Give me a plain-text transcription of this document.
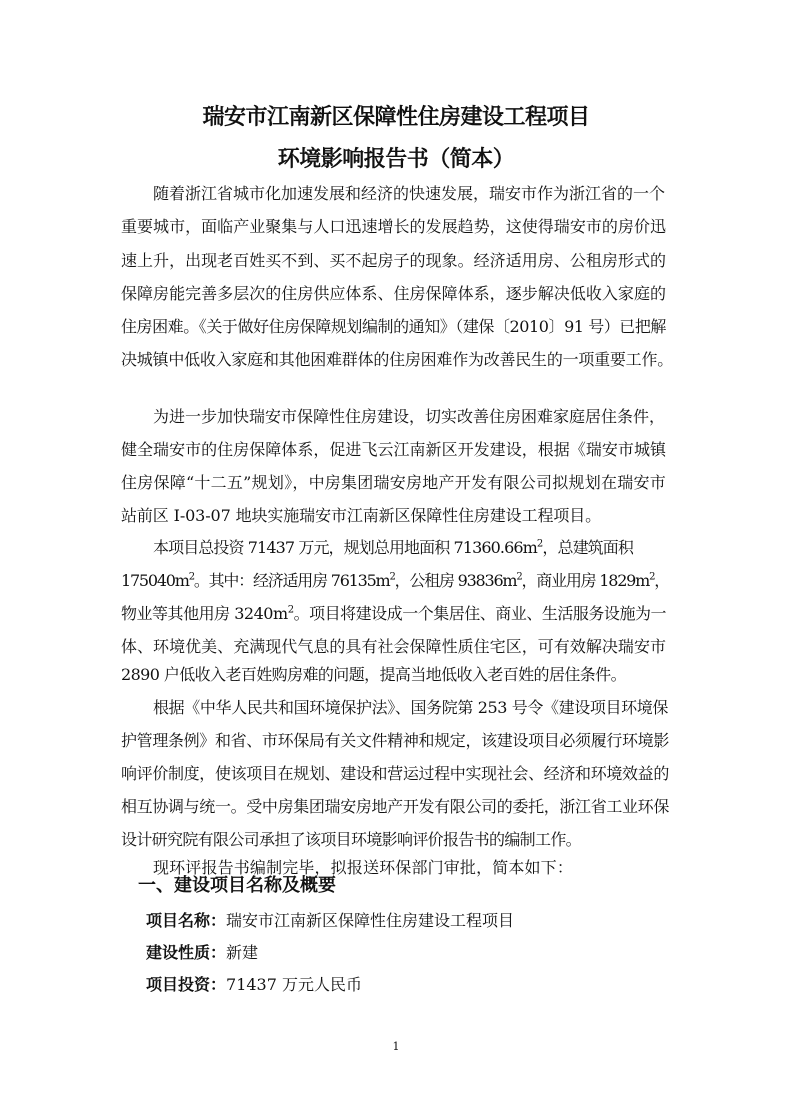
瑞安市江南新区保障性住房建设工程项目
环境影响报告书（简本）
随着浙江省城市化加速发展和经济的快速发展，瑞安市作为浙江省的一个
重要城市，面临产业聚集与人口迅速增长的发展趋势，这使得瑞安市的房价迅
速上升，出现老百姓买不到、买不起房子的现象。经济适用房、公租房形式的
保障房能完善多层次的住房供应体系、住房保障体系，逐步解决低收入家庭的
住房困难。《关于做好住房保障规划编制的通知》（建保〔2010〕91 号）已把解
决城镇中低收入家庭和其他困难群体的住房困难作为改善民生的一项重要工作。
为进一步加快瑞安市保障性住房建设，切实改善住房困难家庭居住条件，
健全瑞安市的住房保障体系，促进飞云江南新区开发建设，根据《瑞安市城镇
住房保障“十二五”规划》，中房集团瑞安房地产开发有限公司拟规划在瑞安市
站前区 I-03-07 地块实施瑞安市江南新区保障性住房建设工程项目。
本项目总投资 71437 万元，规划总用地面积 $71360.66m^2$，总建筑面积
$175040m^2$。其中：经济适用房 $76135m^2$，公租房 $93836m^2$，商业用房 $1829m^2$，
物业等其他用房 $3240m^2$。项目将建设成一个集居住、商业、生活服务设施为一
体、环境优美、充满现代气息的具有社会保障性质住宅区，可有效解决瑞安市
2890 户低收入老百姓购房难的问题，提高当地低收入老百姓的居住条件。
根据《中华人民共和国环境保护法》、国务院第 253 号令《建设项目环境保
护管理条例》和省、市环保局有关文件精神和规定，该建设项目必须履行环境影
响评价制度，使该项目在规划、建设和营运过程中实现社会、经济和环境效益的
相互协调与统一。受中房集团瑞安房地产开发有限公司的委托，浙江省工业环保
设计研究院有限公司承担了该项目环境影响评价报告书的编制工作。
现环评报告书编制完毕，拟报送环保部门审批，简本如下：
一、建设项目名称及概要
项目名称：瑞安市江南新区保障性住房建设工程项目
建设性质：新建
项目投资：71437 万元人民币
1
